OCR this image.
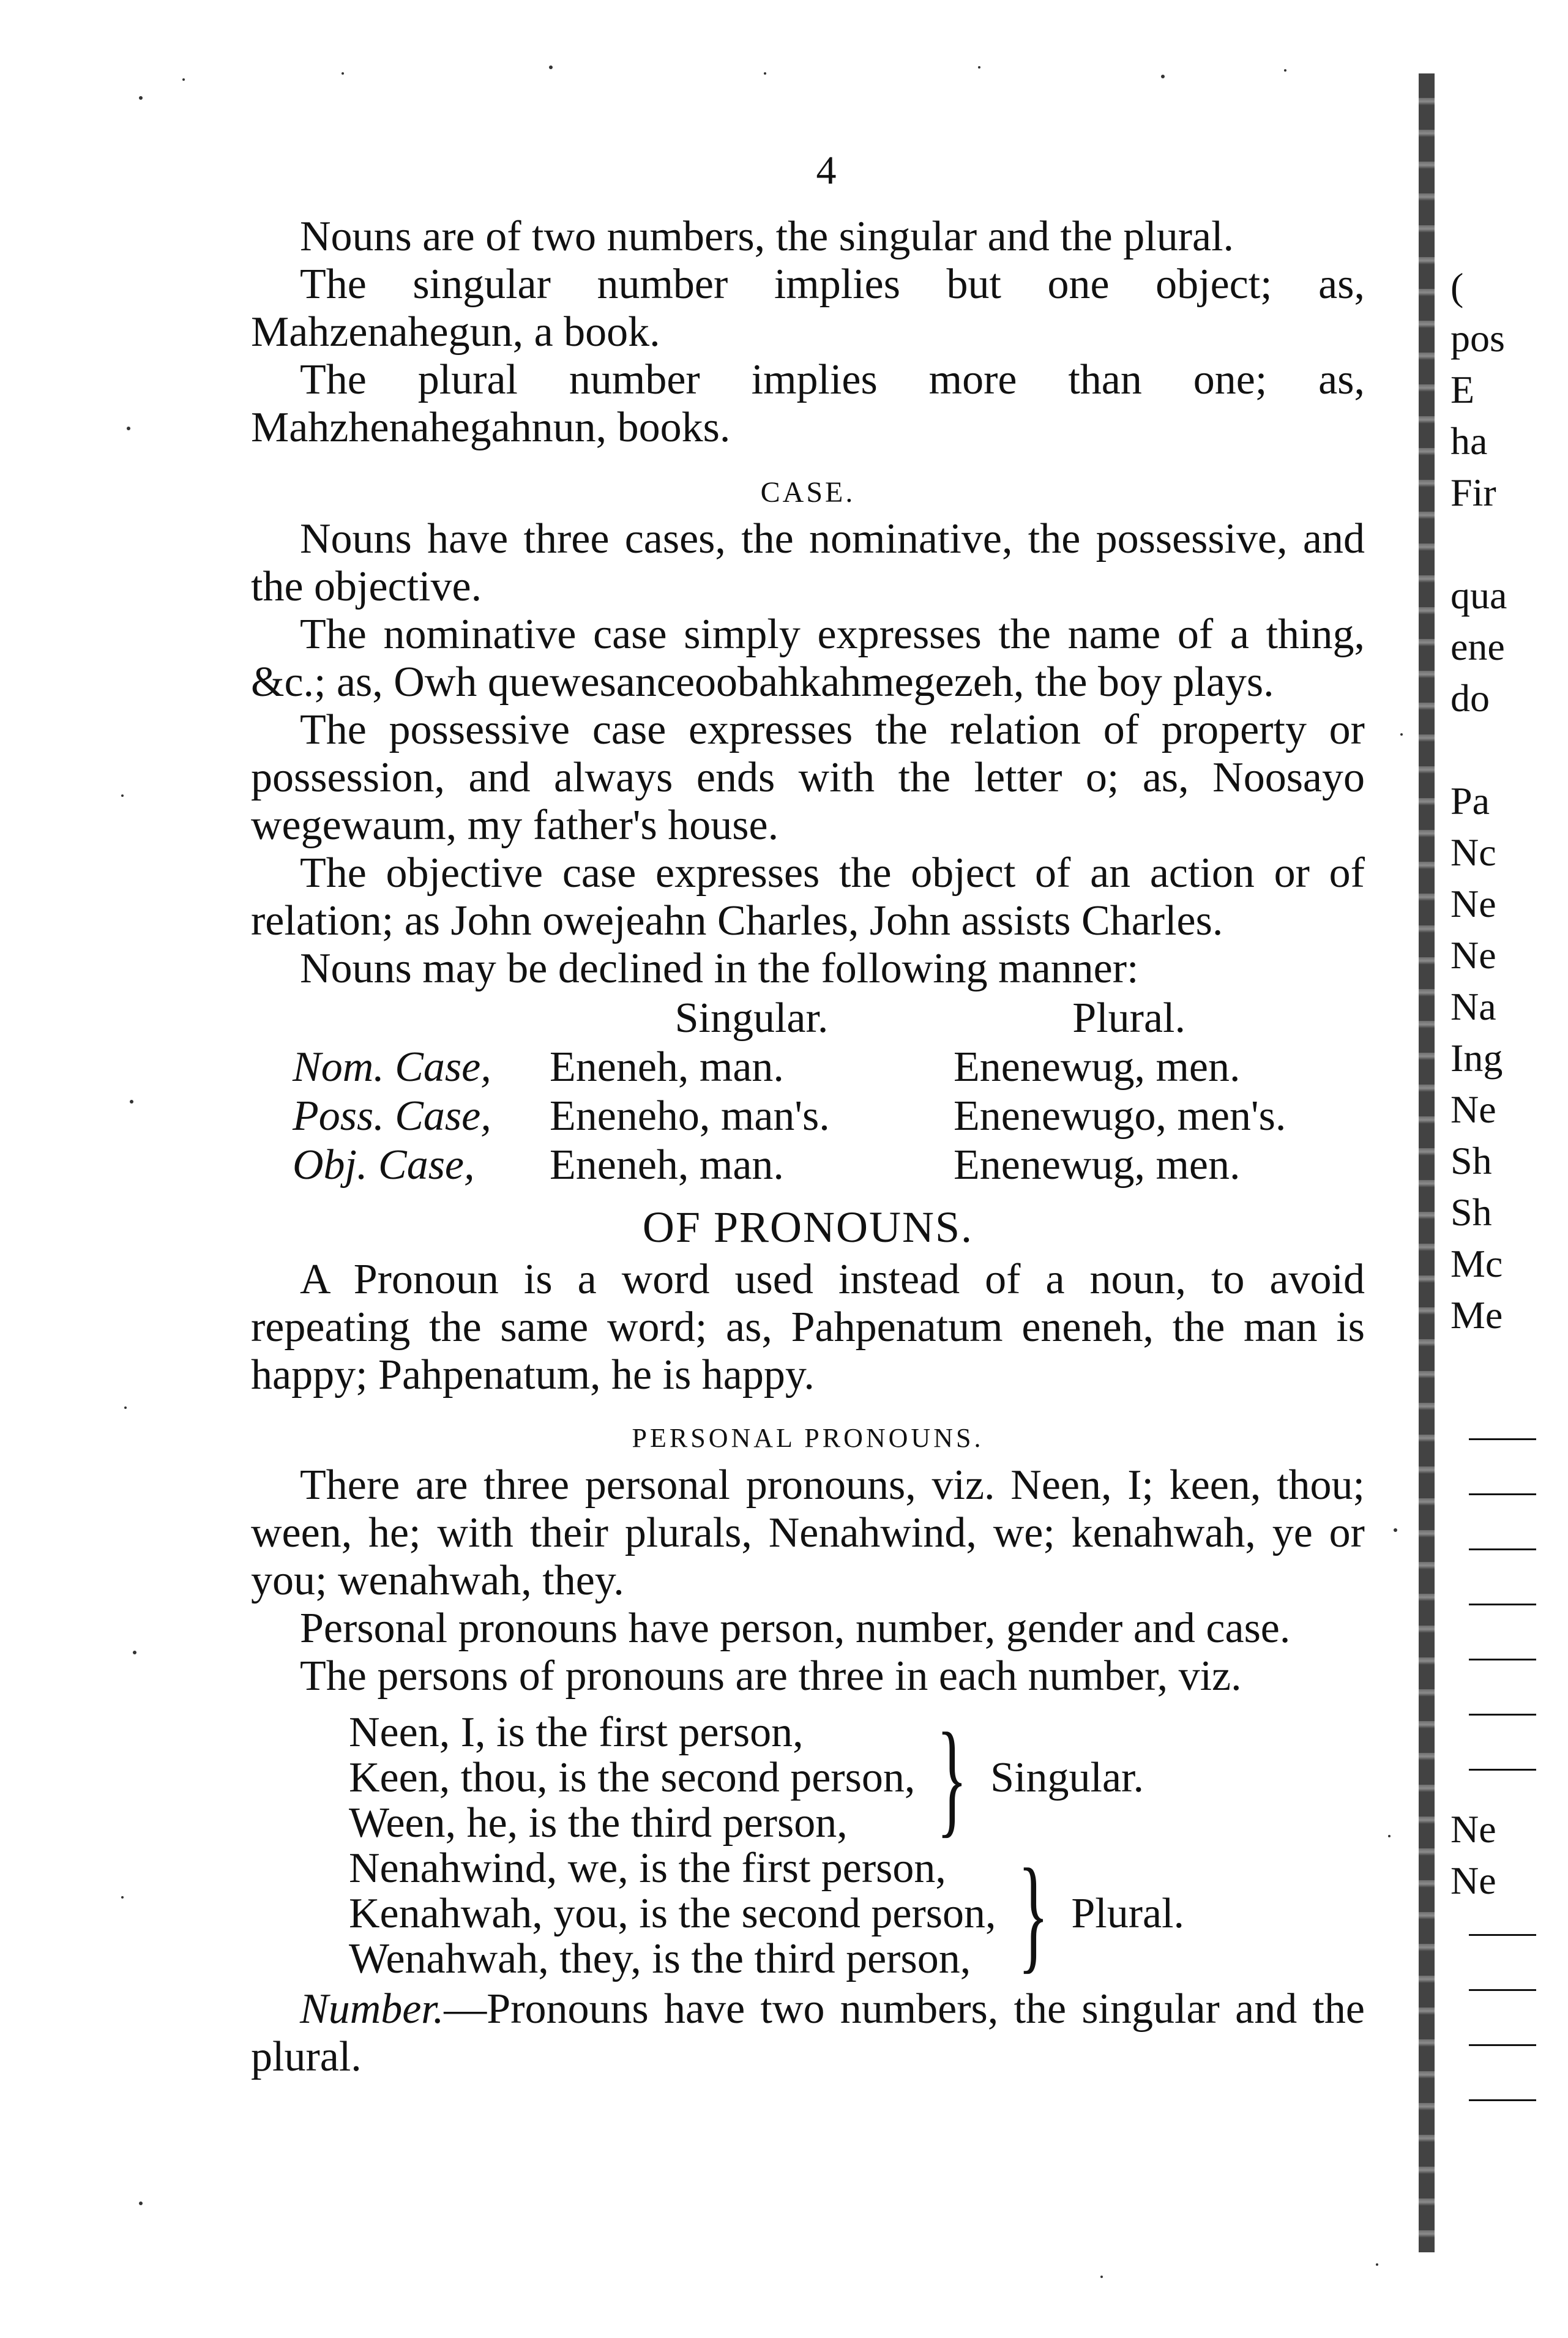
4

Nouns are of two numbers, the singular and the plural.

The singular number implies but one object; as, Mahzenahegun, a book.

The plural number implies more than one; as, Mahzhenahegahnun, books.

CASE.

Nouns have three cases, the nominative, the possessive, and the objective.

The nominative case simply expresses the name of a thing, &c.; as, Owh quewesanceoobahkahmegezeh, the boy plays.

The possessive case expresses the relation of property or possession, and always ends with the letter o; as, Noosayo wegewaum, my father's house.

The objective case expresses the object of an action or of relation; as John owejeahn Charles, John assists Charles.

Nouns may be declined in the following manner:

	Singular.	Plural.
Nom. Case,	Eneneh, man.	Enenewug, men.
Poss. Case,	Eneneho, man's.	Enenewugo, men's.
Obj. Case,	Eneneh, man.	Enenewug, men.
OF PRONOUNS.

A Pronoun is a word used instead of a noun, to avoid repeating the same word; as, Pahpenatum eneneh, the man is happy; Pahpenatum, he is happy.

PERSONAL PRONOUNS.

There are three personal pronouns, viz. Neen, I; keen, thou; ween, he; with their plurals, Nenahwind, we; kenahwah, ye or you; wenahwah, they.

Personal pronouns have person, number, gender and case.

The persons of pronouns are three in each number, viz.

Neen, I, is the first person,
Keen, thou, is the second person,
Ween, he, is the third person, } Singular.
Nenahwind, we, is the first person,
Kenahwah, you, is the second person,
Wenahwah, they, is the third person, } Plural.

Number.—Pronouns have two numbers, the singular and the plural.

(
pos
E
ha
Fir
qua
ene
do
Pa
Nc
Ne
Ne
Na
Ing
Ne
Sh
Sh
Mc
Me
Ne
Ne
